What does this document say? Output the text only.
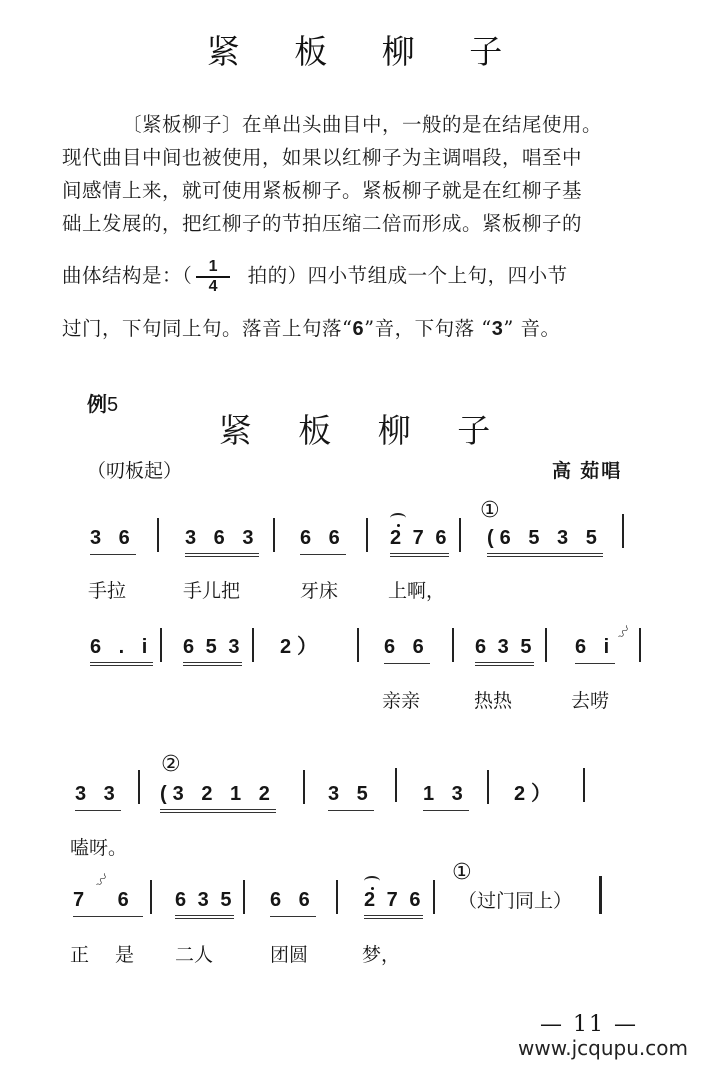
紧 板 柳 子
〔紧板柳子〕在单出头曲目中，一般的是在结尾使用。
现代曲目中间也被使用，如果以红柳子为主调唱段，唱至中
间感情上来，就可使用紧板柳子。紧板柳子就是在红柳子基
础上发展的，把红柳子的节拍压缩二倍而形成。紧板柳子的
曲体结构是：（ $\frac{1}{4}$ 拍的）四小节组成一个上句，四小节
过门，下句同上句。落音上句落“6”音，下句落 “3” 音。
例5
紧 板 柳 子
（叨板起）	高 茹唱
3 6 3 6 3 6 6 2 7 6
①
(6 5 3 5
手拉	手儿把	牙床	上啊，
6 . i 6 5 3 2）	6 6 6 3 5 6 i
〰
亲亲	热热	去唠
3 3
②
(3 2 1 2	3 5 1 3 2）
嗑呀。
7 6
〰
6 3 5 6 6 2 7 6
①
（过门同上）
正 是 二人	团圆	梦，
— 11 —
www.jcqupu.com
